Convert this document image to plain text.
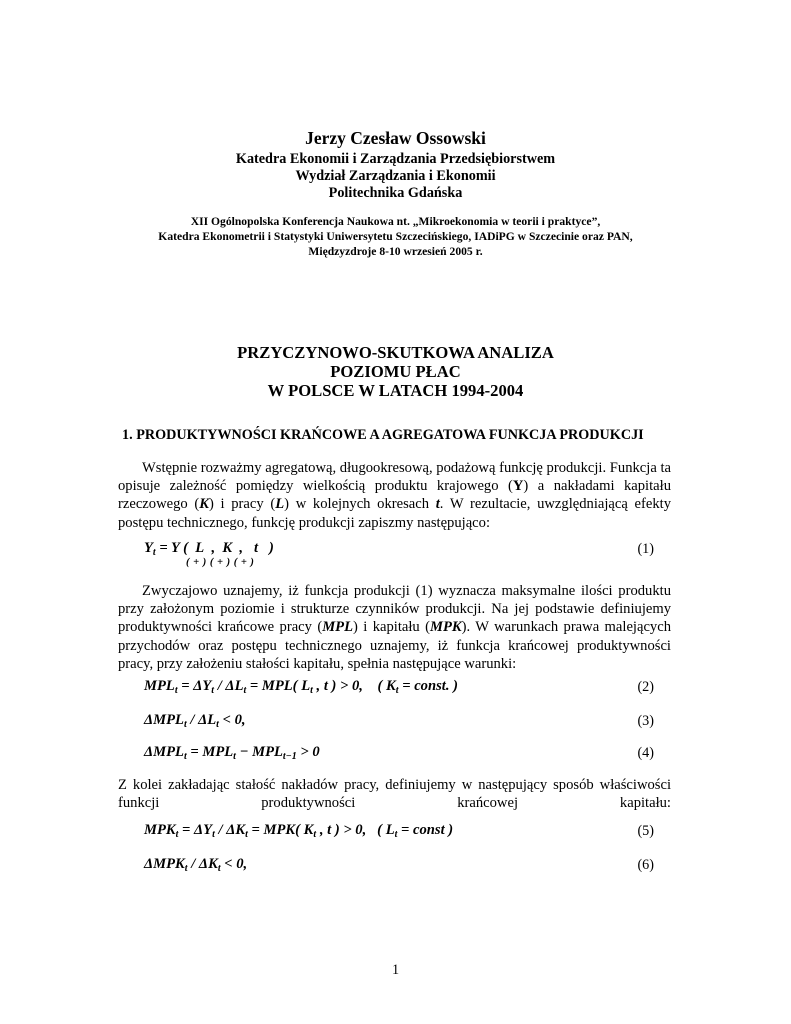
Jerzy Czesław Ossowski
Katedra Ekonomii i Zarządzania Przedsiębiorstwem
Wydział Zarządzania i Ekonomii
Politechnika Gdańska
XII Ogólnopolska Konferencja Naukowa nt. „Mikroekonomia w teorii i praktyce”,
Katedra Ekonometrii i Statystyki Uniwersytetu Szczecińskiego, IADiPG w Szczecinie oraz PAN,
Międzyzdroje 8-10 wrzesień 2005 r.
PRZYCZYNOWO-SKUTKOWA ANALIZA
POZIOMU PŁAC
W POLSCE W LATACH 1994-2004
1. PRODUKTYWNOŚCI KRAŃCOWE A AGREGATOWA FUNKCJA PRODUKCJI
Wstępnie rozważmy agregatową, długookresową, podażową funkcję produkcji. Funkcja ta opisuje zależność pomiędzy wielkością produktu krajowego (Y) a nakładami kapitału rzeczowego (K) i pracy (L) w kolejnych okresach t. W rezultacie, uwzględniającą efekty postępu technicznego, funkcję produkcji zapiszmy następująco:
$Y_t = Y$ (  L  ,  K  ,   t   )
( + ) ( + ) ( + )
(1)
Zwyczajowo uznajemy, iż funkcja produkcji (1) wyznacza maksymalne ilości produktu przy założonym poziomie i strukturze czynników produkcji. Na jej podstawie definiujemy produktywności krańcowe pracy (MPL) i kapitału (MPK). W warunkach prawa malejących przychodów oraz postępu technicznego uznajemy, iż funkcja krańcowej produktywności pracy, przy założeniu stałości kapitału, spełnia następujące warunki:
$MPL_t = \Delta Y_t / \Delta L_t = MPL$( $L_t$ , t ) > 0,    ( $K_t$ = const. )	(2)
$\Delta MPL_t / \Delta L_t < 0$,	(3)
$\Delta MPL_t = MPL_t - MPL_{t-1} > 0$	(4)
Z kolei zakładając stałość nakładów pracy, definiujemy w następujący sposób właściwości funkcji produktywności krańcowej kapitału:
$MPK_t = \Delta Y_t / \Delta K_t = MPK$( $K_t$ , t ) > 0,   ( $L_t$ = const )	(5)
$\Delta MPK_t / \Delta K_t < 0$,	(6)
1
